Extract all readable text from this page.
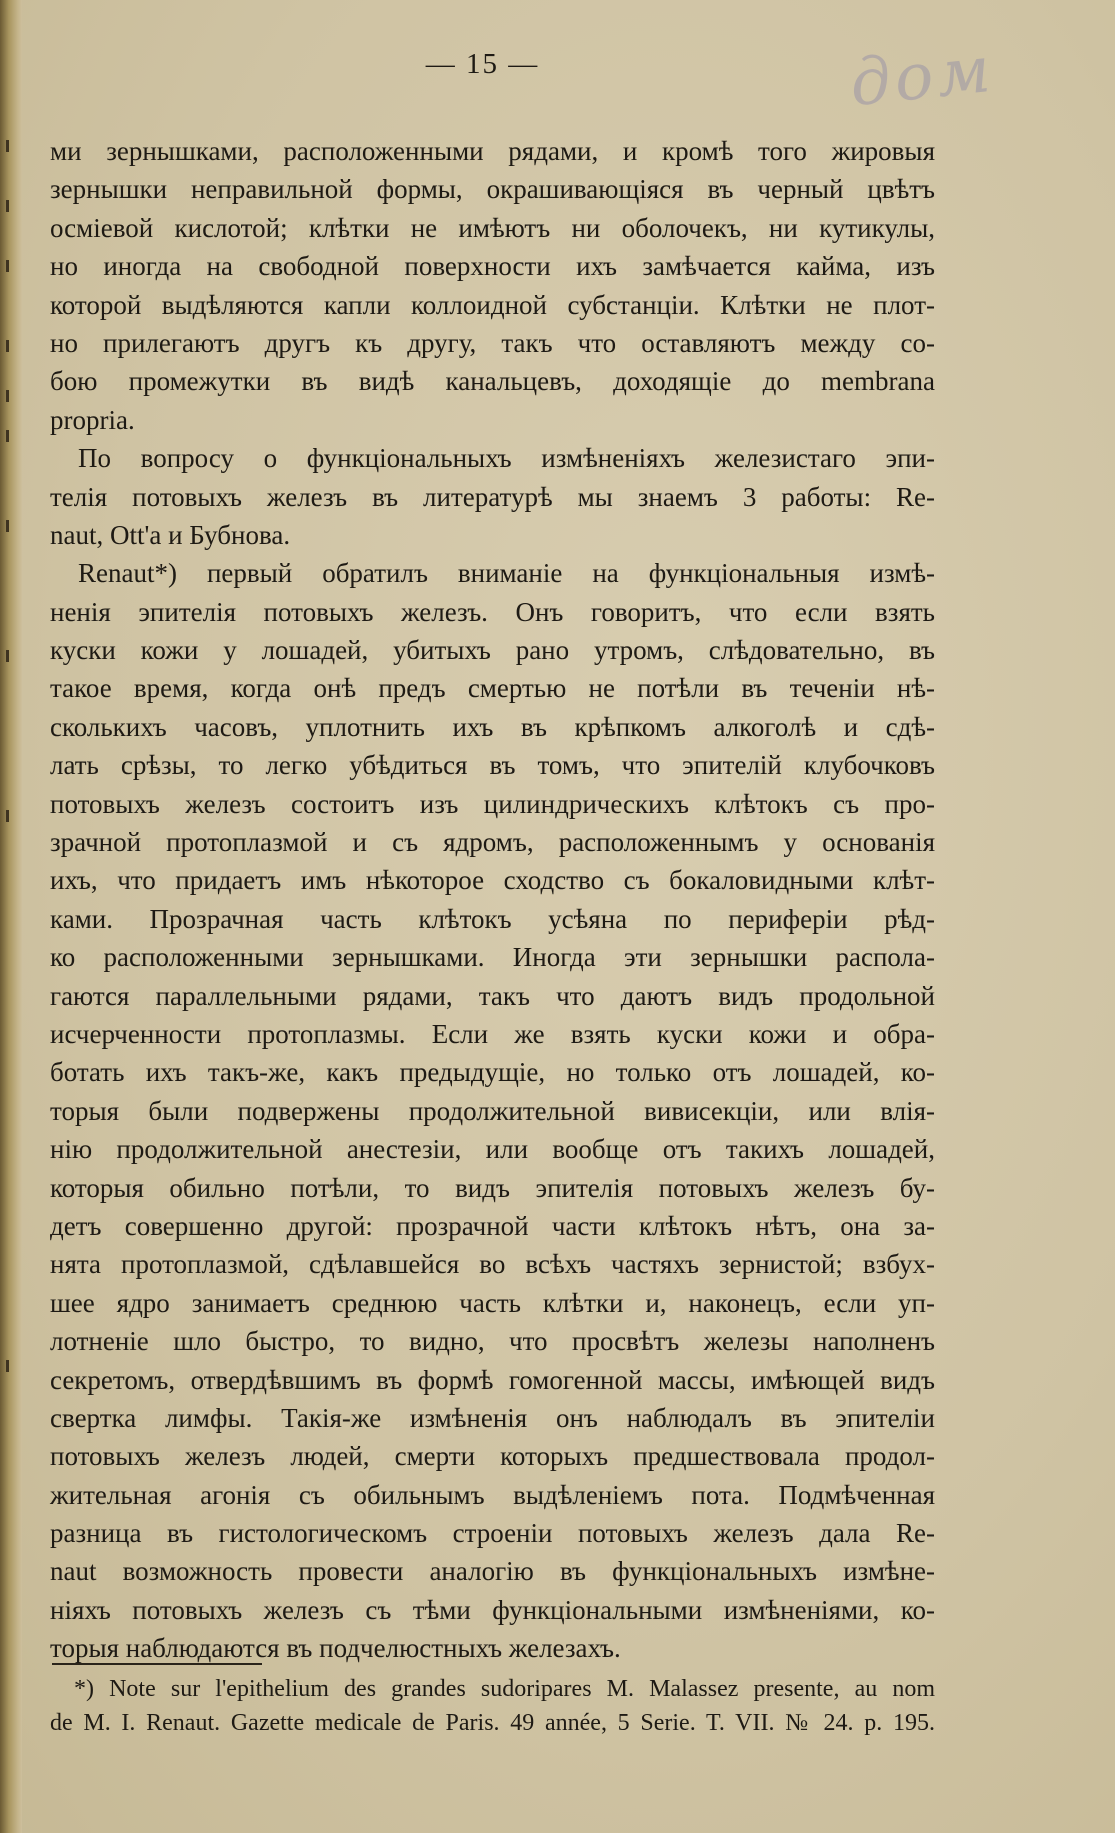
дом
— 15 —
ми зернышками, расположенными рядами, и кромѣ того жировыя
зернышки неправильной формы, окрашивающіяся въ черный цвѣтъ
осміевой кислотой; клѣтки не имѣютъ ни оболочекъ, ни кутикулы,
но иногда на свободной поверхности ихъ замѣчается кайма, изъ
которой выдѣляются капли коллоидной субстанціи. Клѣтки не плот-
но прилегаютъ другъ къ другу, такъ что оставляютъ между со-
бою промежутки въ видѣ канальцевъ, доходящіе до membrana
propria.
По вопросу о функціональныхъ измѣненіяхъ железистаго эпи-
телія потовыхъ железъ въ литературѣ мы знаемъ 3 работы: Re-
naut, Ott'а и Бубнова.
Renaut*) первый обратилъ вниманіе на функціональныя измѣ-
ненія эпителія потовыхъ железъ. Онъ говоритъ, что если взять
куски кожи у лошадей, убитыхъ рано утромъ, слѣдовательно, въ
такое время, когда онѣ предъ смертью не потѣли въ теченіи нѣ-
сколькихъ часовъ, уплотнить ихъ въ крѣпкомъ алкоголѣ и сдѣ-
лать срѣзы, то легко убѣдиться въ томъ, что эпителій клубочковъ
потовыхъ железъ состоитъ изъ цилиндрическихъ клѣтокъ съ про-
зрачной протоплазмой и съ ядромъ, расположеннымъ у основанія
ихъ, что придаетъ имъ нѣкоторое сходство съ бокаловидными клѣт-
ками. Прозрачная часть клѣтокъ усѣяна по периферіи рѣд-
ко расположенными зернышками. Иногда эти зернышки распола-
гаются параллельными рядами, такъ что даютъ видъ продольной
исчерченности протоплазмы. Если же взять куски кожи и обра-
ботать ихъ такъ-же, какъ предыдущіе, но только отъ лошадей, ко-
торыя были подвержены продолжительной вивисекціи, или влія-
нію продолжительной анестезіи, или вообще отъ такихъ лошадей,
которыя обильно потѣли, то видъ эпителія потовыхъ железъ бу-
детъ совершенно другой: прозрачной части клѣтокъ нѣтъ, она за-
нята протоплазмой, сдѣлавшейся во всѣхъ частяхъ зернистой; взбух-
шее ядро занимаетъ среднюю часть клѣтки и, наконецъ, если уп-
лотненіе шло быстро, то видно, что просвѣтъ железы наполненъ
секретомъ, отвердѣвшимъ въ формѣ гомогенной массы, имѣющей видъ
свертка лимфы. Такія-же измѣненія онъ наблюдалъ въ эпителіи
потовыхъ железъ людей, смерти которыхъ предшествовала продол-
жительная агонія съ обильнымъ выдѣленіемъ пота. Подмѣченная
разница въ гистологическомъ строеніи потовыхъ железъ дала Re-
naut возможность провести аналогію въ функціональныхъ измѣне-
ніяхъ потовыхъ железъ съ тѣми функціональными измѣненіями, ко-
торыя наблюдаются въ подчелюстныхъ железахъ.
*) Note sur l'epithelium des grandes sudoripares M. Malassez presente, au nom
de M. I. Renaut. Gazette medicale de Paris. 49 année, 5 Serie. T. VII. № 24. p. 195.
